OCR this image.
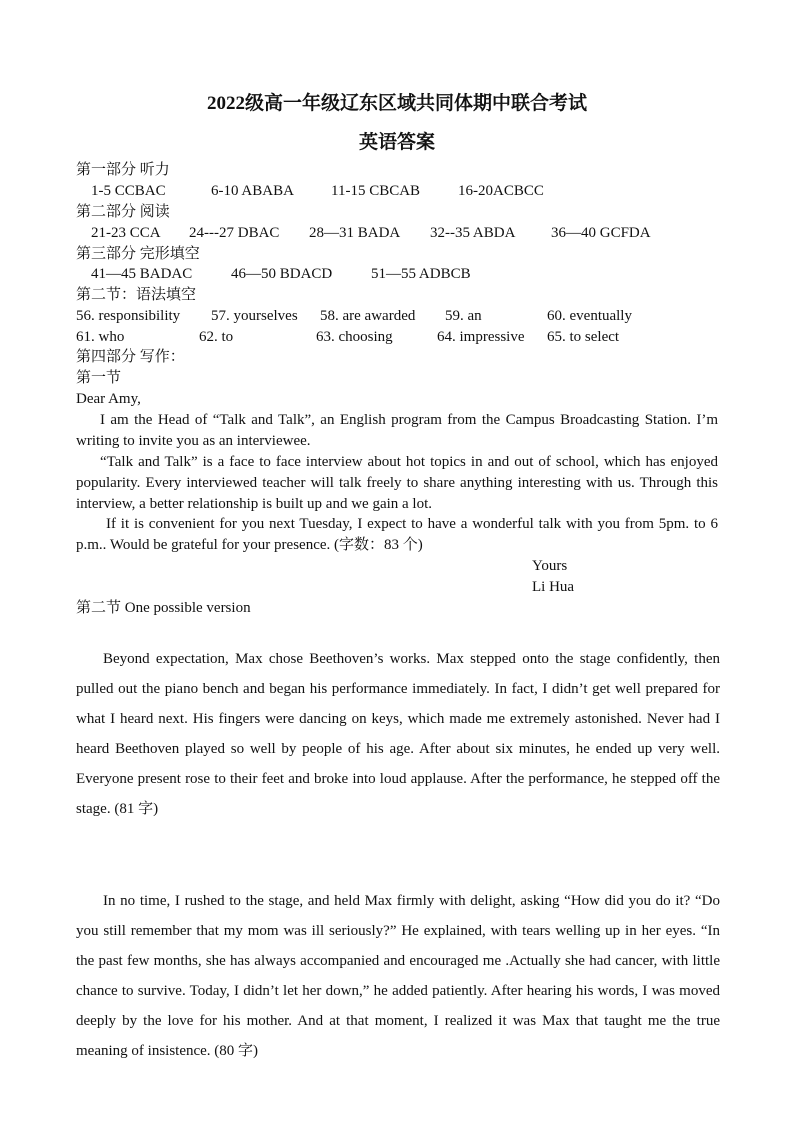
2022级高一年级辽东区域共同体期中联合考试
英语答案
第一部分 听力
1-5 CCBAC	6-10 ABABA 11-15 CBCAB	16-20ACBCC
第二部分 阅读
21-23 CCA 24---27 DBAC 28—31 BADA 32--35 ABDA 36—40 GCFDA
第三部分 完形填空
41—45 BADAC	46—50 BDACD	51—55 ADBCB
第二节：语法填空
56. responsibility 57. yourselves 58. are awarded 59. an	60. eventually
61. who	62. to	63. choosing	64. impressive 65. to select
第四部分 写作：
第一节
Dear Amy,
I am the Head of “Talk and Talk”, an English program from the Campus Broadcasting Station. I’m writing to invite you as an interviewee.
“Talk and Talk” is a face to face interview about hot topics in and out of school, which has enjoyed popularity. Every interviewed teacher will talk freely to share anything interesting with us. Through this interview, a better relationship is built up and we gain a lot.
If it is convenient for you next Tuesday, I expect to have a wonderful talk with you from 5pm. to 6 p.m.. Would be grateful for your presence. (字数：83 个)
Yours
Li Hua
第二节 One possible version
Beyond expectation, Max chose Beethoven’s works. Max stepped onto the stage confidently, then pulled out the piano bench and began his performance immediately. In fact, I didn’t get well prepared for what I heard next. His fingers were dancing on keys, which made me extremely astonished. Never had I heard Beethoven played so well by people of his age. After about six minutes, he ended up very well. Everyone present rose to their feet and broke into loud applause. After the performance, he stepped off the stage. (81 字)
In no time, I rushed to the stage, and held Max firmly with delight, asking “How did you do it? “Do you still remember that my mom was ill seriously?” He explained, with tears welling up in her eyes. “In the past few months, she has always accompanied and encouraged me .Actually she had cancer, with little chance to survive. Today, I didn’t let her down,” he added patiently. After hearing his words, I was moved deeply by the love for his mother. And at that moment, I realized it was Max that taught me the true meaning of insistence. (80 字)
